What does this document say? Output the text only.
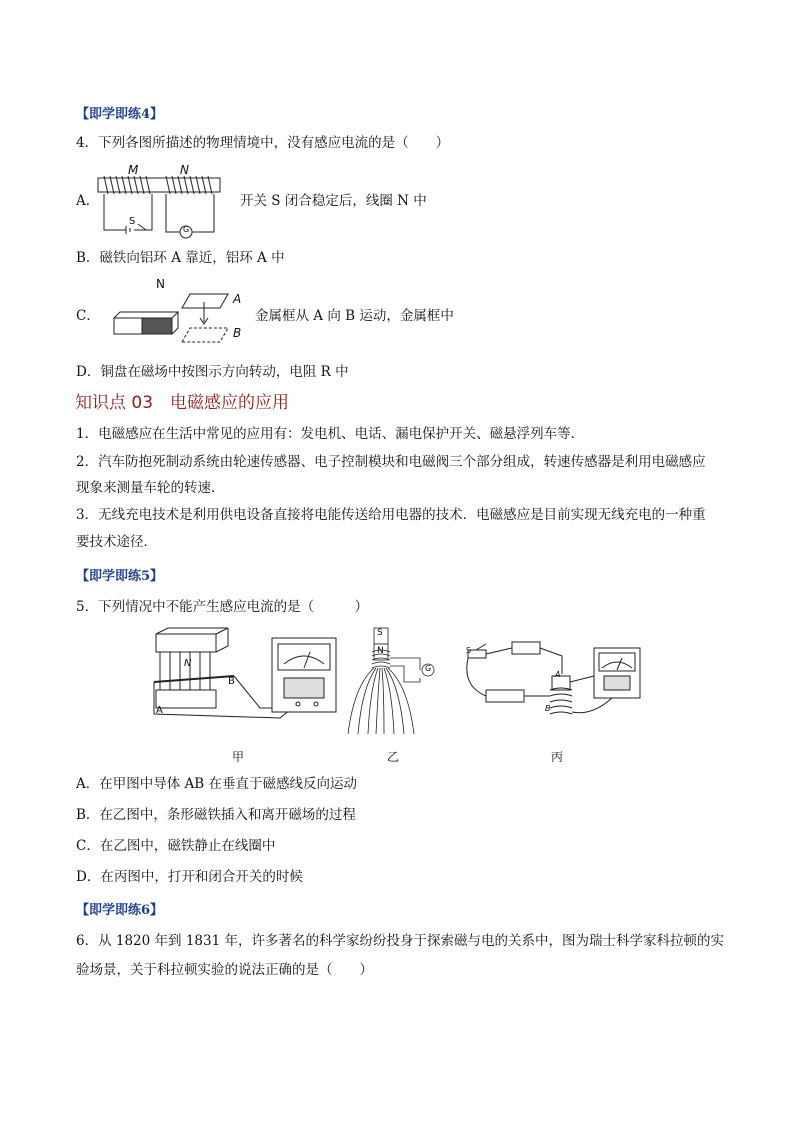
【即学即练4】
4．下列各图所描述的物理情境中，没有感应电流的是（　　）
A．
M	N
S
G
开关 S 闭合稳定后，线圈 N 中
B．磁铁向铝环 A 靠近，铝环 A 中
C．
N
A
B
金属框从 A 向 B 运动，金属框中
D．铜盘在磁场中按图示方向转动，电阻 R 中
知识点 03　电磁感应的应用
1．电磁感应在生活中常见的应用有：发电机、电话、漏电保护开关、磁悬浮列车等．
2．汽车防抱死制动系统由轮速传感器、电子控制模块和电磁阀三个部分组成，转速传感器是利用电磁感应
现象来测量车轮的转速．
3．无线充电技术是利用供电设备直接将电能传送给用电器的技术．电磁感应是目前实现无线充电的一种重
要技术途径．
【即学即练5】
5．下列情况中不能产生感应电流的是（　　　）
N
A
B
甲
S
N
G
乙
S
A
B
丙
A．在甲图中导体 AB 在垂直于磁感线反向运动
B．在乙图中，条形磁铁插入和离开磁场的过程
C．在乙图中，磁铁静止在线圈中
D．在丙图中，打开和闭合开关的时候
【即学即练6】
6．从 1820 年到 1831 年，许多著名的科学家纷纷投身于探索磁与电的关系中，图为瑞士科学家科拉顿的实
验场景，关于科拉顿实验的说法正确的是（　　）
